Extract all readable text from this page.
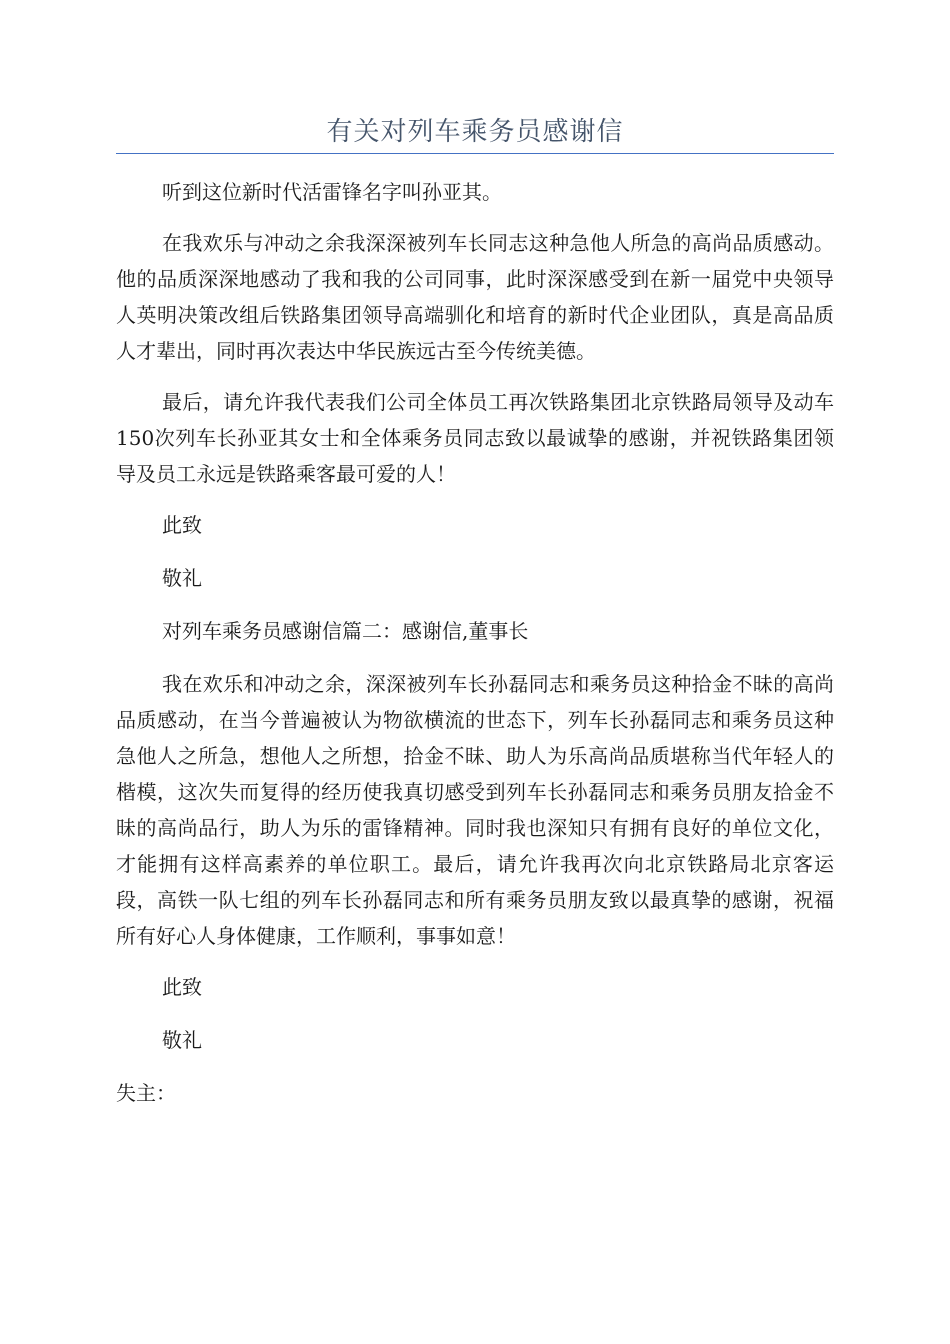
有关对列车乘务员感谢信

听到这位新时代活雷锋名字叫孙亚其。

在我欢乐与冲动之余我深深被列车长同志这种急他人所急的高尚品质感动。他的品质深深地感动了我和我的公司同事，此时深深感受到在新一届党中央领导人英明决策改组后铁路集团领导高端驯化和培育的新时代企业团队，真是高品质人才辈出，同时再次表达中华民族远古至今传统美德。

最后，请允许我代表我们公司全体员工再次铁路集团北京铁路局领导及动车150次列车长孙亚其女士和全体乘务员同志致以最诚挚的感谢，并祝铁路集团领导及员工永远是铁路乘客最可爱的人！

此致

敬礼

对列车乘务员感谢信篇二：感谢信,董事长

我在欢乐和冲动之余，深深被列车长孙磊同志和乘务员这种拾金不昧的高尚品质感动，在当今普遍被认为物欲横流的世态下，列车长孙磊同志和乘务员这种急他人之所急，想他人之所想，拾金不昧、助人为乐高尚品质堪称当代年轻人的楷模，这次失而复得的经历使我真切感受到列车长孙磊同志和乘务员朋友拾金不昧的高尚品行，助人为乐的雷锋精神。同时我也深知只有拥有良好的单位文化，才能拥有这样高素养的单位职工。最后，请允许我再次向北京铁路局北京客运段，高铁一队七组的列车长孙磊同志和所有乘务员朋友致以最真挚的感谢，祝福所有好心人身体健康，工作顺利，事事如意！

此致

敬礼

失主：
